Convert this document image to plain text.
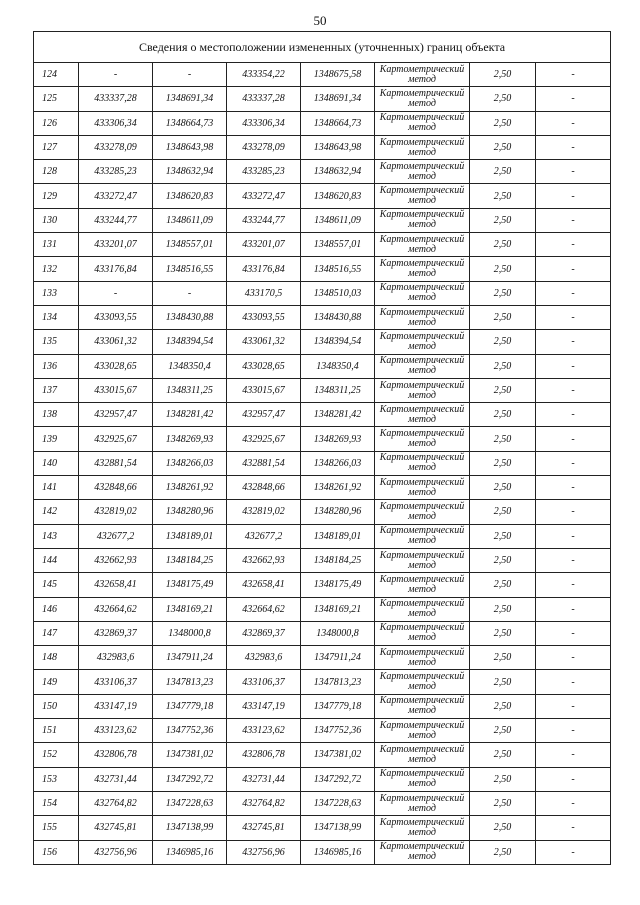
50
Сведения о местоположении измененных (уточненных) границ объекта							
124	-	-	433354,22	1348675,58	Картометрический метод	2,50	-
125	433337,28	1348691,34	433337,28	1348691,34	Картометрический метод	2,50	-
126	433306,34	1348664,73	433306,34	1348664,73	Картометрический метод	2,50	-
127	433278,09	1348643,98	433278,09	1348643,98	Картометрический метод	2,50	-
128	433285,23	1348632,94	433285,23	1348632,94	Картометрический метод	2,50	-
129	433272,47	1348620,83	433272,47	1348620,83	Картометрический метод	2,50	-
130	433244,77	1348611,09	433244,77	1348611,09	Картометрический метод	2,50	-
131	433201,07	1348557,01	433201,07	1348557,01	Картометрический метод	2,50	-
132	433176,84	1348516,55	433176,84	1348516,55	Картометрический метод	2,50	-
133	-	-	433170,5	1348510,03	Картометрический метод	2,50	-
134	433093,55	1348430,88	433093,55	1348430,88	Картометрический метод	2,50	-
135	433061,32	1348394,54	433061,32	1348394,54	Картометрический метод	2,50	-
136	433028,65	1348350,4	433028,65	1348350,4	Картометрический метод	2,50	-
137	433015,67	1348311,25	433015,67	1348311,25	Картометрический метод	2,50	-
138	432957,47	1348281,42	432957,47	1348281,42	Картометрический метод	2,50	-
139	432925,67	1348269,93	432925,67	1348269,93	Картометрический метод	2,50	-
140	432881,54	1348266,03	432881,54	1348266,03	Картометрический метод	2,50	-
141	432848,66	1348261,92	432848,66	1348261,92	Картометрический метод	2,50	-
142	432819,02	1348280,96	432819,02	1348280,96	Картометрический метод	2,50	-
143	432677,2	1348189,01	432677,2	1348189,01	Картометрический метод	2,50	-
144	432662,93	1348184,25	432662,93	1348184,25	Картометрический метод	2,50	-
145	432658,41	1348175,49	432658,41	1348175,49	Картометрический метод	2,50	-
146	432664,62	1348169,21	432664,62	1348169,21	Картометрический метод	2,50	-
147	432869,37	1348000,8	432869,37	1348000,8	Картометрический метод	2,50	-
148	432983,6	1347911,24	432983,6	1347911,24	Картометрический метод	2,50	-
149	433106,37	1347813,23	433106,37	1347813,23	Картометрический метод	2,50	-
150	433147,19	1347779,18	433147,19	1347779,18	Картометрический метод	2,50	-
151	433123,62	1347752,36	433123,62	1347752,36	Картометрический метод	2,50	-
152	432806,78	1347381,02	432806,78	1347381,02	Картометрический метод	2,50	-
153	432731,44	1347292,72	432731,44	1347292,72	Картометрический метод	2,50	-
154	432764,82	1347228,63	432764,82	1347228,63	Картометрический метод	2,50	-
155	432745,81	1347138,99	432745,81	1347138,99	Картометрический метод	2,50	-
156	432756,96	1346985,16	432756,96	1346985,16	Картометрический метод	2,50	-
